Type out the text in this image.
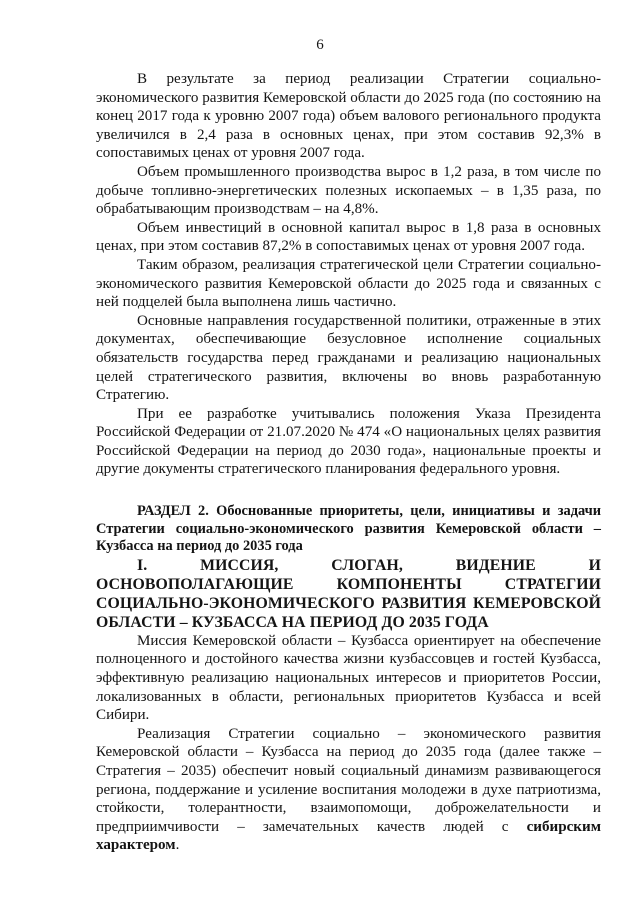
6

В результате за период реализации Стратегии социально-экономического развития Кемеровской области до 2025 года (по состоянию на конец 2017 года к уровню 2007 года) объем валового регионального продукта увеличился в 2,4 раза в основных ценах, при этом составив 92,3% в сопоставимых ценах от уровня 2007 года.

Объем промышленного производства вырос в 1,2 раза, в том числе по добыче топливно-энергетических полезных ископаемых – в 1,35 раза, по обрабатывающим производствам – на 4,8%.

Объем инвестиций в основной капитал вырос в 1,8 раза в основных ценах, при этом составив 87,2% в сопоставимых ценах от уровня 2007 года.

Таким образом, реализация стратегической цели Стратегии социально-экономического развития Кемеровской области до 2025 года и связанных с ней подцелей была выполнена лишь частично.

Основные направления государственной политики, отраженные в этих документах, обеспечивающие безусловное исполнение социальных обязательств государства перед гражданами и реализацию национальных целей стратегического развития, включены во вновь разработанную Стратегию.

При ее разработке учитывались положения Указа Президента Российской Федерации от 21.07.2020 № 474 «О национальных целях развития Российской Федерации на период до 2030 года», национальные проекты и другие документы стратегического планирования федерального уровня.

РАЗДЕЛ 2. Обоснованные приоритеты, цели, инициативы и задачи Стратегии социально-экономического развития Кемеровской области – Кузбасса на период до 2035 года
I. МИССИЯ, СЛОГАН, ВИДЕНИЕ И ОСНОВОПОЛАГАЮЩИЕ КОМПОНЕНТЫ СТРАТЕГИИ СОЦИАЛЬНО-ЭКОНОМИЧЕСКОГО РАЗВИТИЯ КЕМЕРОВСКОЙ ОБЛАСТИ – КУЗБАССА НА ПЕРИОД ДО 2035 ГОДА

Миссия Кемеровской области – Кузбасса ориентирует на обеспечение полноценного и достойного качества жизни кузбассовцев и гостей Кузбасса, эффективную реализацию национальных интересов и приоритетов России, локализованных в области, региональных приоритетов Кузбасса и всей Сибири.

Реализация Стратегии социально – экономического развития Кемеровской области – Кузбасса на период до 2035 года (далее также – Стратегия – 2035) обеспечит новый социальный динамизм развивающегося региона, поддержание и усиление воспитания молодежи в духе патриотизма, стойкости, толерантности, взаимопомощи, доброжелательности и предприимчивости – замечательных качеств людей с сибирским характером.
